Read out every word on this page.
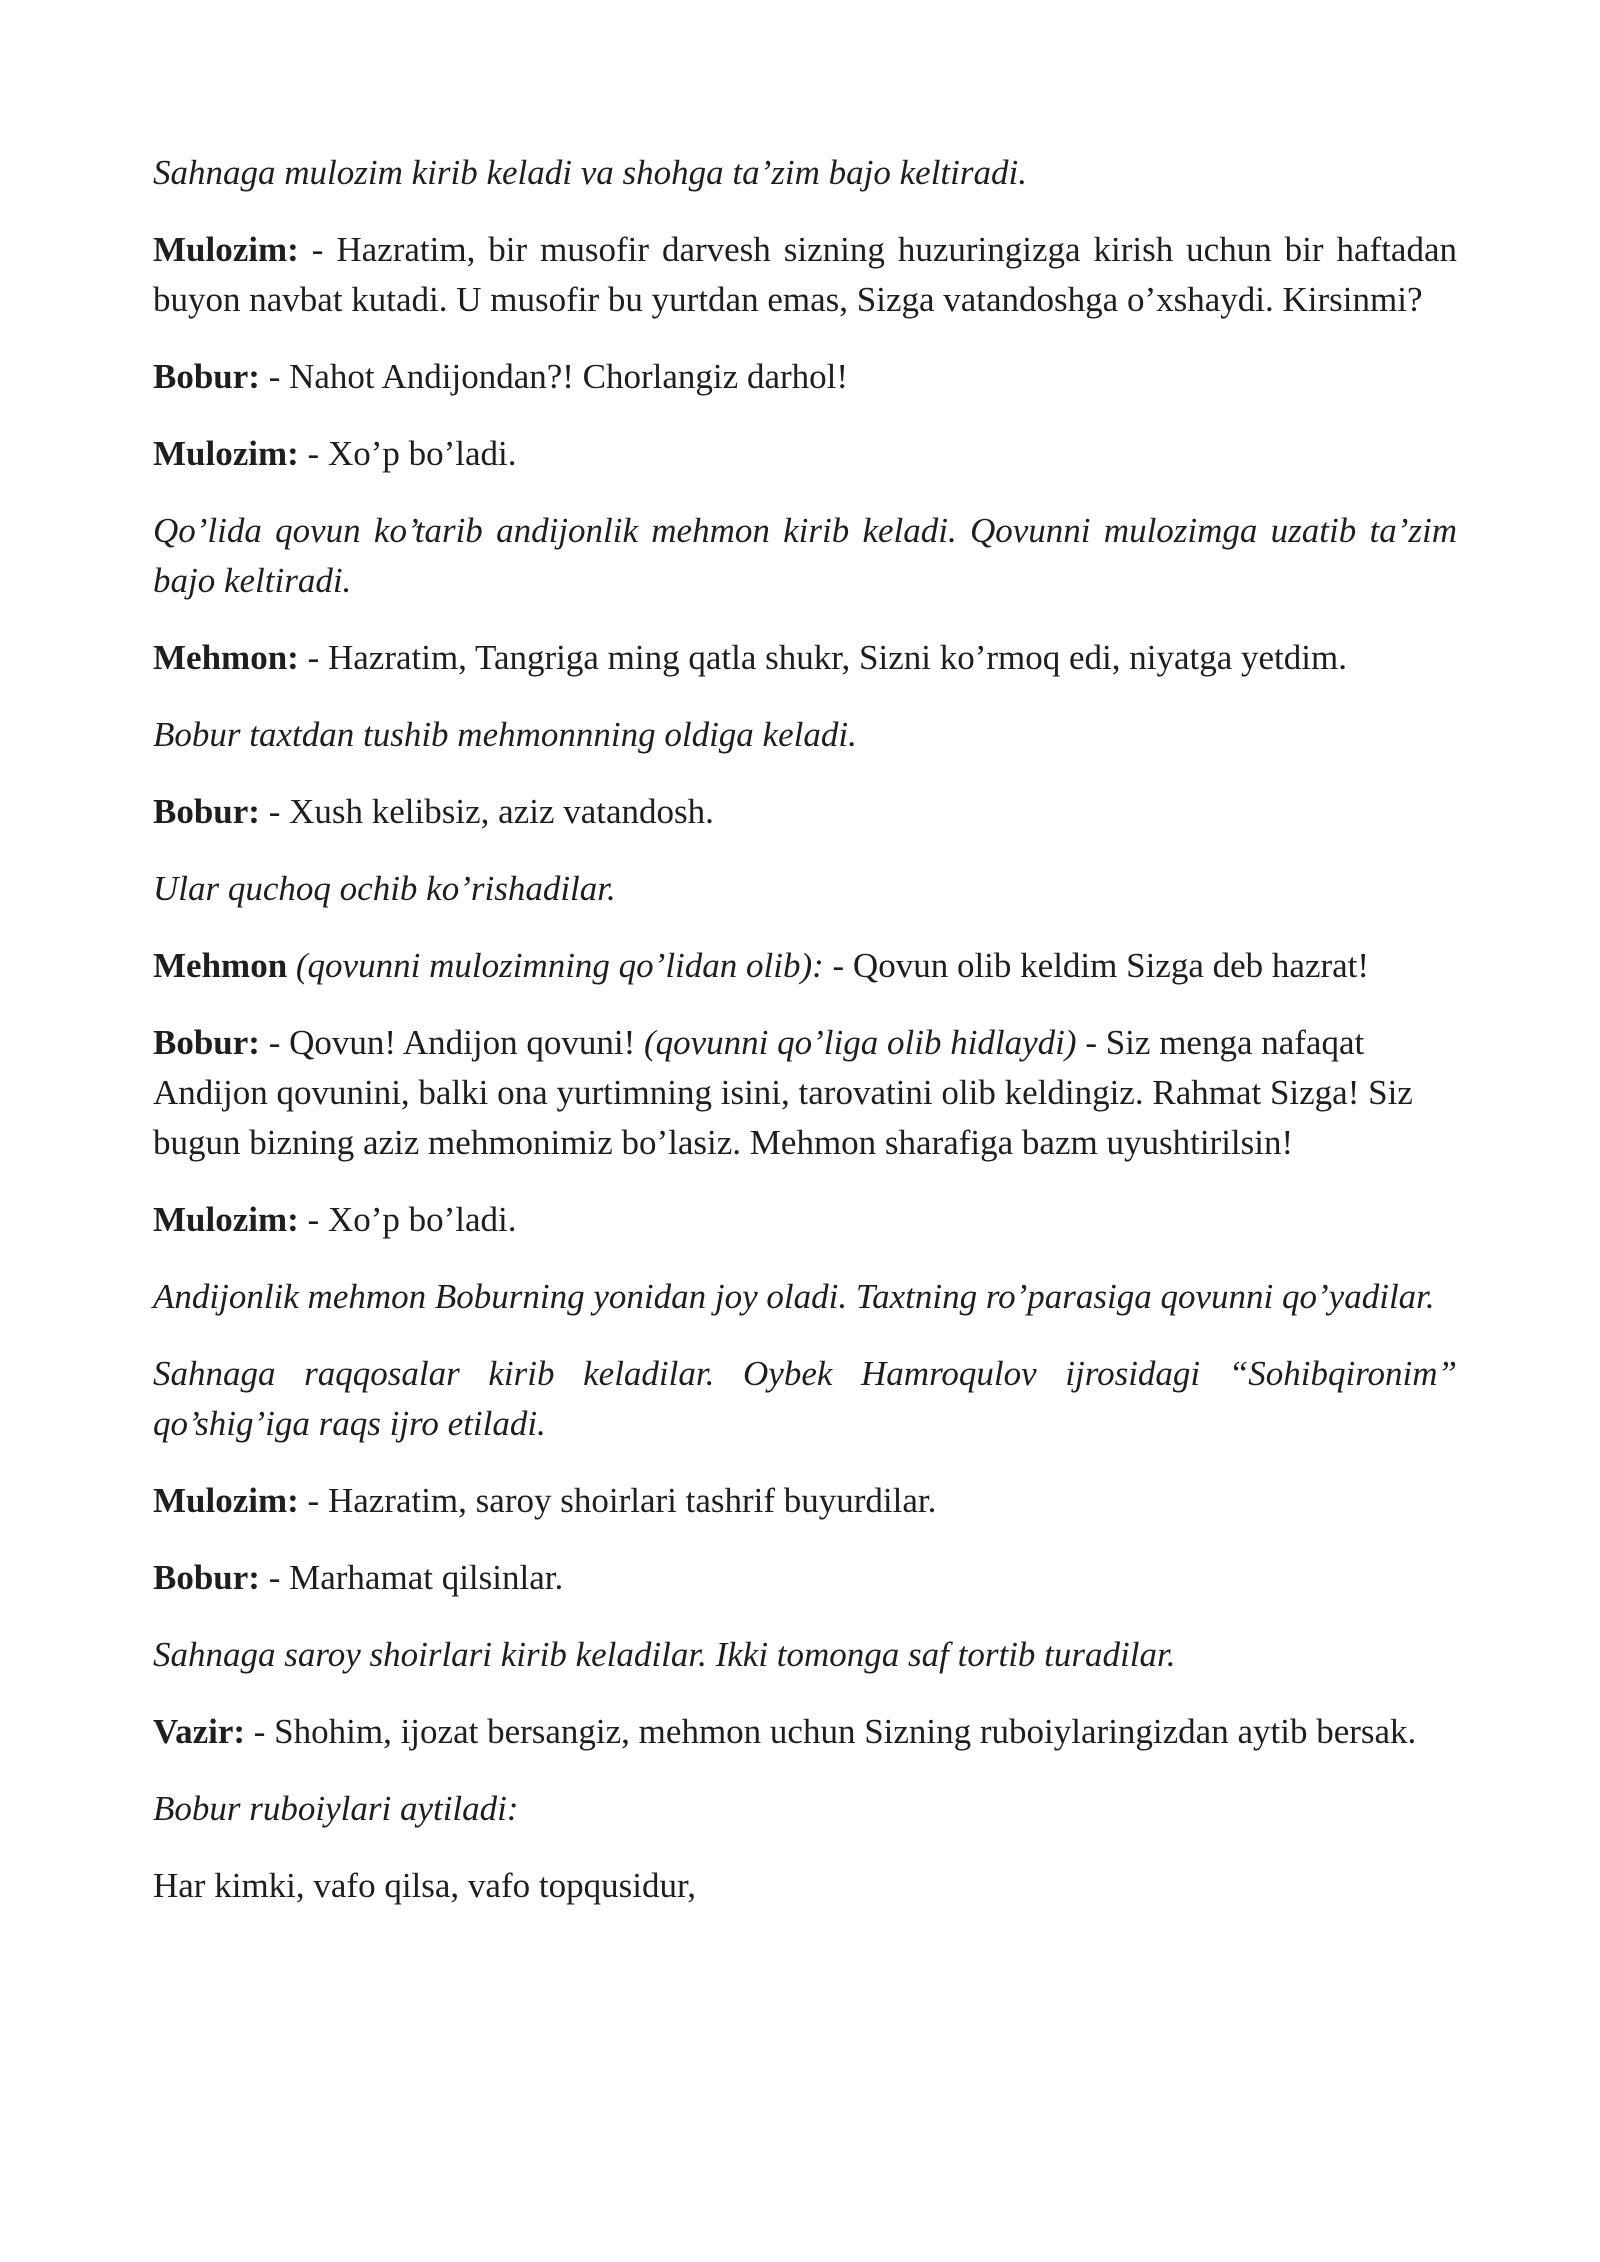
Sahnaga mulozim kirib keladi va shohga ta’zim bajo keltiradi.

Mulozim: - Hazratim, bir musofir darvesh sizning huzuringizga kirish uchun bir haftadan buyon navbat kutadi. U musofir bu yurtdan emas, Sizga vatandoshga o’xshaydi. Kirsinmi?

Bobur: - Nahot Andijondan?! Chorlangiz darhol!

Mulozim: - Xo’p bo’ladi.

Qo’lida qovun ko’tarib andijonlik mehmon kirib keladi. Qovunni mulozimga uzatib ta’zim bajo keltiradi.

Mehmon: - Hazratim, Tangriga ming qatla shukr, Sizni ko’rmoq edi, niyatga yetdim.

Bobur taxtdan tushib mehmonnning oldiga keladi.

Bobur: - Xush kelibsiz, aziz vatandosh.

Ular quchoq ochib ko’rishadilar.

Mehmon (qovunni mulozimning qo’lidan olib): - Qovun olib keldim Sizga deb hazrat!

Bobur: - Qovun! Andijon qovuni! (qovunni qo’liga olib hidlaydi) - Siz menga nafaqat Andijon qovunini, balki ona yurtimning isini, tarovatini olib keldingiz. Rahmat Sizga! Siz bugun bizning aziz mehmonimiz bo’lasiz. Mehmon sharafiga bazm uyushtirilsin!

Mulozim: - Xo’p bo’ladi.

Andijonlik mehmon Boburning yonidan joy oladi. Taxtning ro’parasiga qovunni qo’yadilar.

Sahnaga raqqosalar kirib keladilar. Oybek Hamroqulov ijrosidagi “Sohibqironim” qo’shig’iga raqs ijro etiladi.

Mulozim: - Hazratim, saroy shoirlari tashrif buyurdilar.

Bobur: - Marhamat qilsinlar.

Sahnaga saroy shoirlari kirib keladilar. Ikki tomonga saf tortib turadilar.

Vazir: - Shohim, ijozat bersangiz, mehmon uchun Sizning ruboiylaringizdan aytib bersak.

Bobur ruboiylari aytiladi:

Har kimki, vafo qilsa, vafo topqusidur,
